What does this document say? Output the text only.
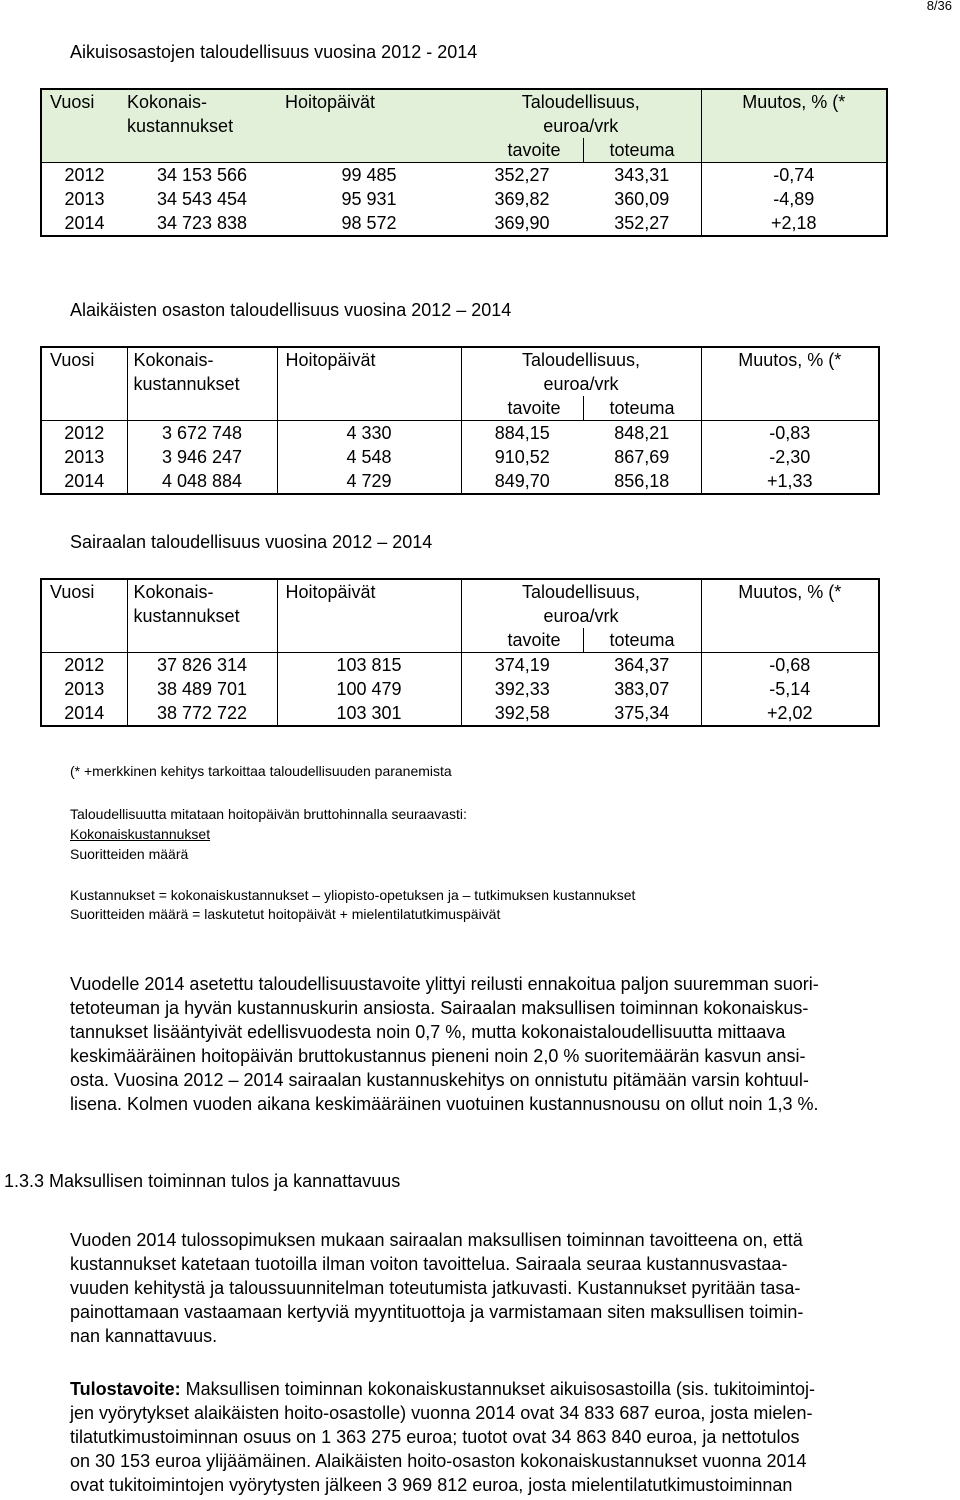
8/36
Aikuisosastojen taloudellisuus vuosina 2012 - 2014
Vuosi	Kokonais-	Hoitopäivät	Taloudellisuus,		Muutos, % (*
	kustannukset		euroa/vrk		
			tavoite	toteuma	
2012	34 153 566	99 485	352,27	343,31	-0,74
2013	34 543 454	95 931	369,82	360,09	-4,89
2014	34 723 838	98 572	369,90	352,27	+2,18
Alaikäisten osaston taloudellisuus vuosina 2012 – 2014
Vuosi	Kokonais-	Hoitopäivät	Taloudellisuus,		Muutos, % (*
	kustannukset		euroa/vrk		
			tavoite	toteuma	
2012	3 672 748	4 330	884,15	848,21	-0,83
2013	3 946 247	4 548	910,52	867,69	-2,30
2014	4 048 884	4 729	849,70	856,18	+1,33
Sairaalan taloudellisuus vuosina 2012 – 2014
Vuosi	Kokonais-	Hoitopäivät	Taloudellisuus,		Muutos, % (*
	kustannukset		euroa/vrk		
			tavoite	toteuma	
2012	37 826 314	103 815	374,19	364,37	-0,68
2013	38 489 701	100 479	392,33	383,07	-5,14
2014	38 772 722	103 301	392,58	375,34	+2,02
(* +merkkinen kehitys tarkoittaa taloudellisuuden paranemista
Taloudellisuutta mitataan hoitopäivän bruttohinnalla seuraavasti:
Kokonaiskustannukset
Suoritteiden määrä
Kustannukset = kokonaiskustannukset – yliopisto-opetuksen ja – tutkimuksen kustannukset
Suoritteiden määrä = laskutetut hoitopäivät + mielentilatutkimuspäivät
Vuodelle 2014 asetettu taloudellisuustavoite ylittyi reilusti ennakoitua paljon suuremman suori-
tetoteuman ja hyvän kustannuskurin ansiosta. Sairaalan maksullisen toiminnan kokonaiskus-
tannukset lisääntyivät edellisvuodesta noin 0,7 %, mutta kokonaistaloudellisuutta mittaava
keskimääräinen hoitopäivän bruttokustannus pieneni noin 2,0 % suoritemäärän kasvun ansi-
osta. Vuosina 2012 – 2014 sairaalan kustannuskehitys on onnistutu pitämään varsin kohtuul-
lisena. Kolmen vuoden aikana keskimääräinen vuotuinen kustannusnousu on ollut noin 1,3 %.
1.3.3 Maksullisen toiminnan tulos ja kannattavuus
Vuoden 2014 tulossopimuksen mukaan sairaalan maksullisen toiminnan tavoitteena on, että
kustannukset katetaan tuotoilla ilman voiton tavoittelua. Sairaala seuraa kustannusvastaa-
vuuden kehitystä ja taloussuunnitelman toteutumista jatkuvasti. Kustannukset pyritään tasa-
painottamaan vastaamaan kertyviä myyntituottoja ja varmistamaan siten maksullisen toimin-
nan kannattavuus.
Tulostavoite: Maksullisen toiminnan kokonaiskustannukset aikuisosastoilla (sis. tukitoimintoj-
jen vyörytykset alaikäisten hoito-osastolle) vuonna 2014 ovat 34 833 687 euroa, josta mielen-
tilatutkimustoiminnan osuus on 1 363 275 euroa; tuotot ovat 34 863 840 euroa, ja nettotulos
on 30 153 euroa ylijäämäinen. Alaikäisten hoito-osaston kokonaiskustannukset vuonna 2014
ovat tukitoimintojen vyörytysten jälkeen 3 969 812 euroa, josta mielentilatutkimustoiminnan
